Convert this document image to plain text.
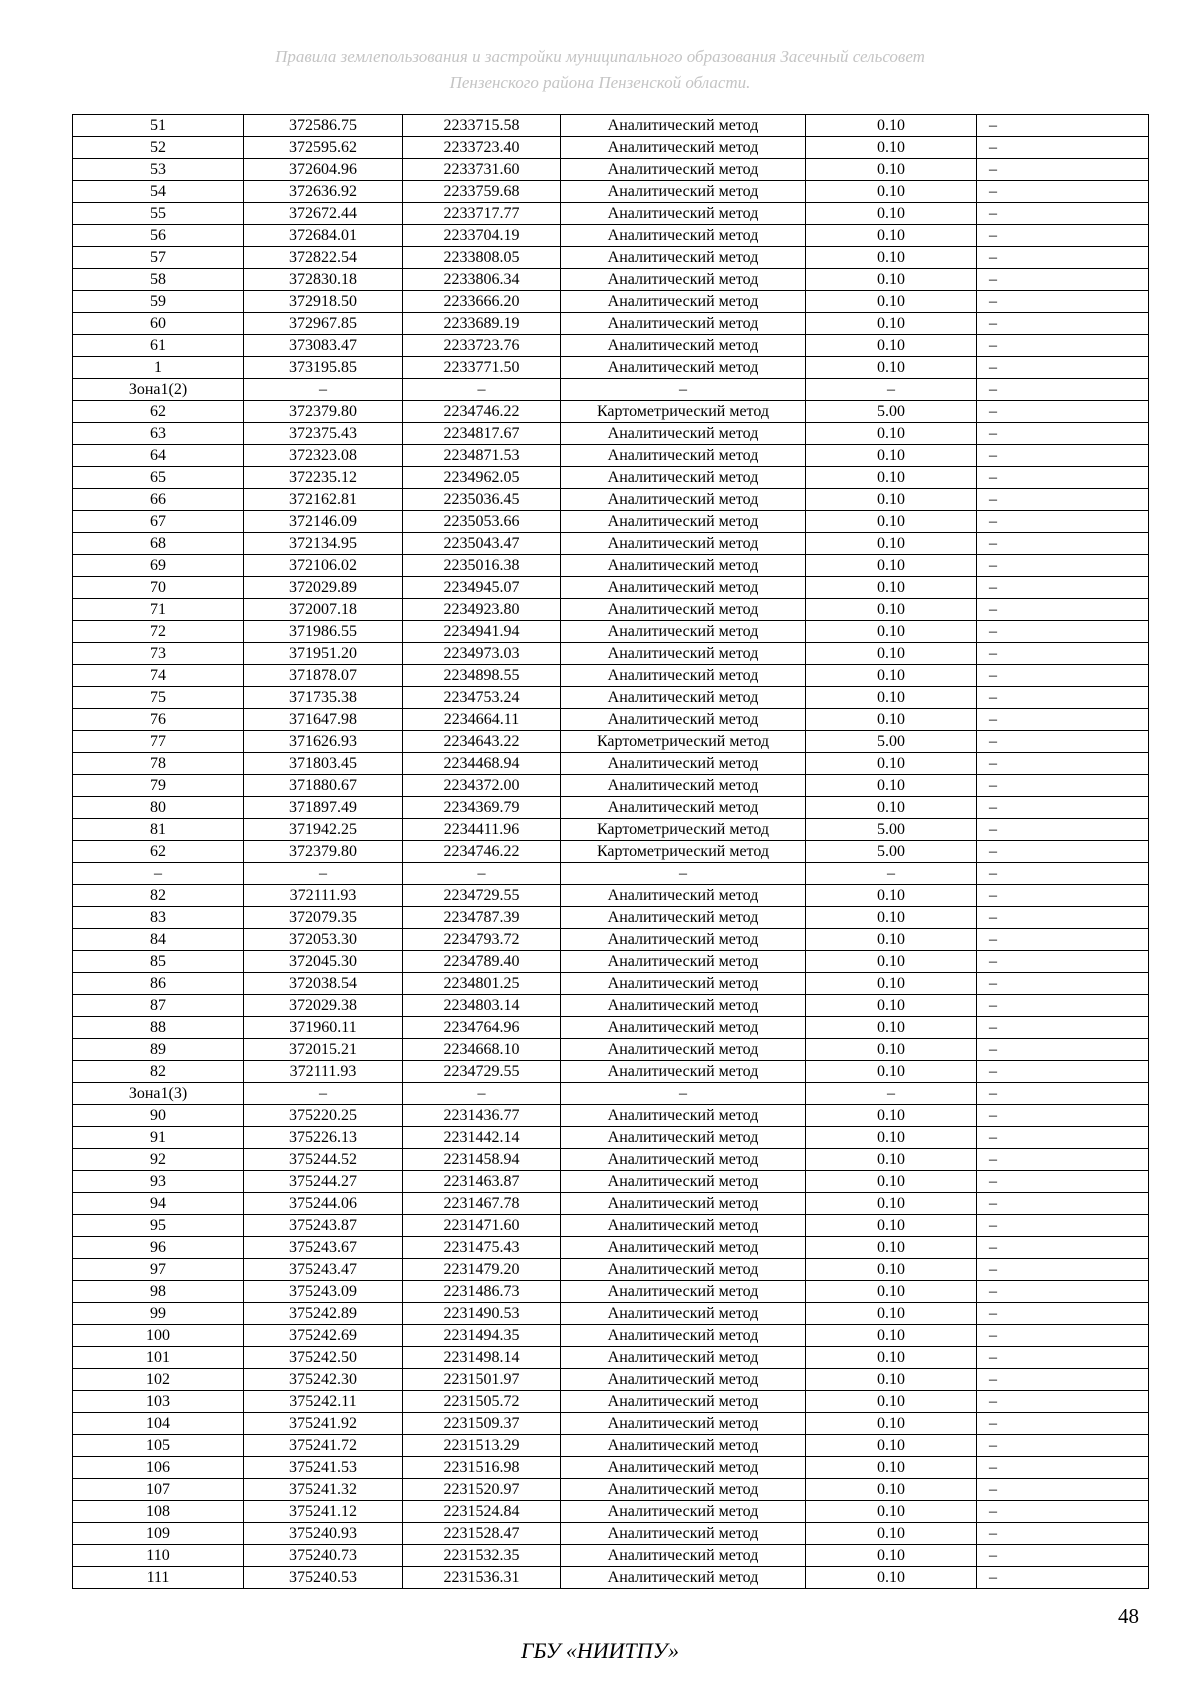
Правила землепользования и застройки муниципального образования Засечный сельсовет
Пензенского района Пензенской области.
51	372586.75	2233715.58	Аналитический метод	0.10	–
52	372595.62	2233723.40	Аналитический метод	0.10	–
53	372604.96	2233731.60	Аналитический метод	0.10	–
54	372636.92	2233759.68	Аналитический метод	0.10	–
55	372672.44	2233717.77	Аналитический метод	0.10	–
56	372684.01	2233704.19	Аналитический метод	0.10	–
57	372822.54	2233808.05	Аналитический метод	0.10	–
58	372830.18	2233806.34	Аналитический метод	0.10	–
59	372918.50	2233666.20	Аналитический метод	0.10	–
60	372967.85	2233689.19	Аналитический метод	0.10	–
61	373083.47	2233723.76	Аналитический метод	0.10	–
1	373195.85	2233771.50	Аналитический метод	0.10	–
Зона1(2)	–	–	–	–	–
62	372379.80	2234746.22	Картометрический метод	5.00	–
63	372375.43	2234817.67	Аналитический метод	0.10	–
64	372323.08	2234871.53	Аналитический метод	0.10	–
65	372235.12	2234962.05	Аналитический метод	0.10	–
66	372162.81	2235036.45	Аналитический метод	0.10	–
67	372146.09	2235053.66	Аналитический метод	0.10	–
68	372134.95	2235043.47	Аналитический метод	0.10	–
69	372106.02	2235016.38	Аналитический метод	0.10	–
70	372029.89	2234945.07	Аналитический метод	0.10	–
71	372007.18	2234923.80	Аналитический метод	0.10	–
72	371986.55	2234941.94	Аналитический метод	0.10	–
73	371951.20	2234973.03	Аналитический метод	0.10	–
74	371878.07	2234898.55	Аналитический метод	0.10	–
75	371735.38	2234753.24	Аналитический метод	0.10	–
76	371647.98	2234664.11	Аналитический метод	0.10	–
77	371626.93	2234643.22	Картометрический метод	5.00	–
78	371803.45	2234468.94	Аналитический метод	0.10	–
79	371880.67	2234372.00	Аналитический метод	0.10	–
80	371897.49	2234369.79	Аналитический метод	0.10	–
81	371942.25	2234411.96	Картометрический метод	5.00	–
62	372379.80	2234746.22	Картометрический метод	5.00	–
–	–	–	–	–	–
82	372111.93	2234729.55	Аналитический метод	0.10	–
83	372079.35	2234787.39	Аналитический метод	0.10	–
84	372053.30	2234793.72	Аналитический метод	0.10	–
85	372045.30	2234789.40	Аналитический метод	0.10	–
86	372038.54	2234801.25	Аналитический метод	0.10	–
87	372029.38	2234803.14	Аналитический метод	0.10	–
88	371960.11	2234764.96	Аналитический метод	0.10	–
89	372015.21	2234668.10	Аналитический метод	0.10	–
82	372111.93	2234729.55	Аналитический метод	0.10	–
Зона1(3)	–	–	–	–	–
90	375220.25	2231436.77	Аналитический метод	0.10	–
91	375226.13	2231442.14	Аналитический метод	0.10	–
92	375244.52	2231458.94	Аналитический метод	0.10	–
93	375244.27	2231463.87	Аналитический метод	0.10	–
94	375244.06	2231467.78	Аналитический метод	0.10	–
95	375243.87	2231471.60	Аналитический метод	0.10	–
96	375243.67	2231475.43	Аналитический метод	0.10	–
97	375243.47	2231479.20	Аналитический метод	0.10	–
98	375243.09	2231486.73	Аналитический метод	0.10	–
99	375242.89	2231490.53	Аналитический метод	0.10	–
100	375242.69	2231494.35	Аналитический метод	0.10	–
101	375242.50	2231498.14	Аналитический метод	0.10	–
102	375242.30	2231501.97	Аналитический метод	0.10	–
103	375242.11	2231505.72	Аналитический метод	0.10	–
104	375241.92	2231509.37	Аналитический метод	0.10	–
105	375241.72	2231513.29	Аналитический метод	0.10	–
106	375241.53	2231516.98	Аналитический метод	0.10	–
107	375241.32	2231520.97	Аналитический метод	0.10	–
108	375241.12	2231524.84	Аналитический метод	0.10	–
109	375240.93	2231528.47	Аналитический метод	0.10	–
110	375240.73	2231532.35	Аналитический метод	0.10	–
111	375240.53	2231536.31	Аналитический метод	0.10	–
48
ГБУ «НИИТПУ»
